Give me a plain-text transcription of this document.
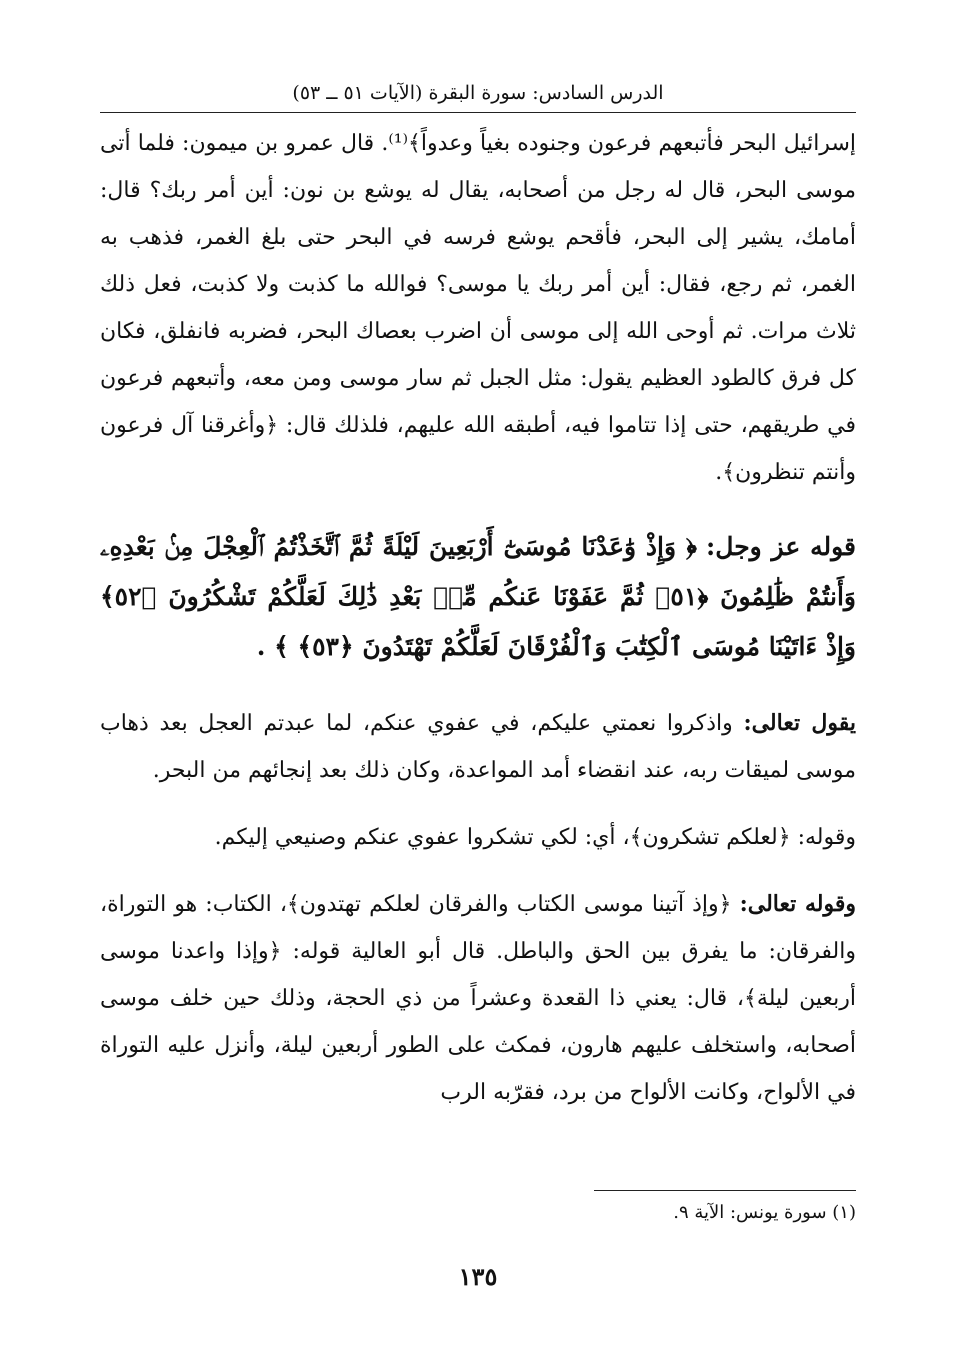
الدرس السادس: سورة البقرة (الآيات ٥١ ــ ٥٣)

إسرائيل البحر فأتبعهم فرعون وجنوده بغياً وعدواً﴾⁽¹⁾. قال عمرو بن ميمون: فلما أتى موسى البحر، قال له رجل من أصحابه، يقال له يوشع بن نون: أين أمر ربك؟ قال: أمامك، يشير إلى البحر، فأقحم يوشع فرسه في البحر حتى بلغ الغمر، فذهب به الغمر، ثم رجع، فقال: أين أمر ربك يا موسى؟ فوالله ما كذبت ولا كذبت، فعل ذلك ثلاث مرات. ثم أوحى الله إلى موسى أن اضرب بعصاك البحر، فضربه فانفلق، فكان كل فرق كالطود العظيم يقول: مثل الجبل ثم سار موسى ومن معه، وأتبعهم فرعون في طريقهم، حتى إذا تتاموا فيه، أطبقه الله عليهم، فلذلك قال: ﴿وأغرقنا آل فرعون وأنتم تنظرون﴾.

قوله عز وجل: ﴿ وَإِذْ وَٰعَدْنَا مُوسَىٰٓ أَرْبَعِينَ لَيْلَةً ثُمَّ ٱتَّخَذْتُمُ ٱلْعِجْلَ مِنۢ بَعْدِهِۦ وَأَنتُمْ ظَٰلِمُونَ ﴿٥١﴾ ثُمَّ عَفَوْنَا عَنكُم مِّنۢ بَعْدِ ذَٰلِكَ لَعَلَّكُمْ تَشْكُرُونَ ﴿٥٢﴾ وَإِذْ ءَاتَيْنَا مُوسَى ٱلْكِتَٰبَ وَٱلْفُرْقَانَ لَعَلَّكُمْ تَهْتَدُونَ ﴿٥٣﴾ ﴾ .

يقول تعالى: واذكروا نعمتي عليكم، في عفوي عنكم، لما عبدتم العجل بعد ذهاب موسى لميقات ربه، عند انقضاء أمد المواعدة، وكان ذلك بعد إنجائهم من البحر.

وقوله: ﴿لعلكم تشكرون﴾، أي: لكي تشكروا عفوي عنكم وصنيعي إليكم.

وقوله تعالى: ﴿وإذ آتينا موسى الكتاب والفرقان لعلكم تهتدون﴾، الكتاب: هو التوراة، والفرقان: ما يفرق بين الحق والباطل. قال أبو العالية قوله: ﴿وإذا واعدنا موسى أربعين ليلة﴾، قال: يعني ذا القعدة وعشراً من ذي الحجة، وذلك حين خلف موسى أصحابه، واستخلف عليهم هارون، فمكث على الطور أربعين ليلة، وأنزل عليه التوراة في الألواح، وكانت الألواح من برد، فقرّبه الرب

(١) سورة يونس: الآية ٩.
١٣٥
